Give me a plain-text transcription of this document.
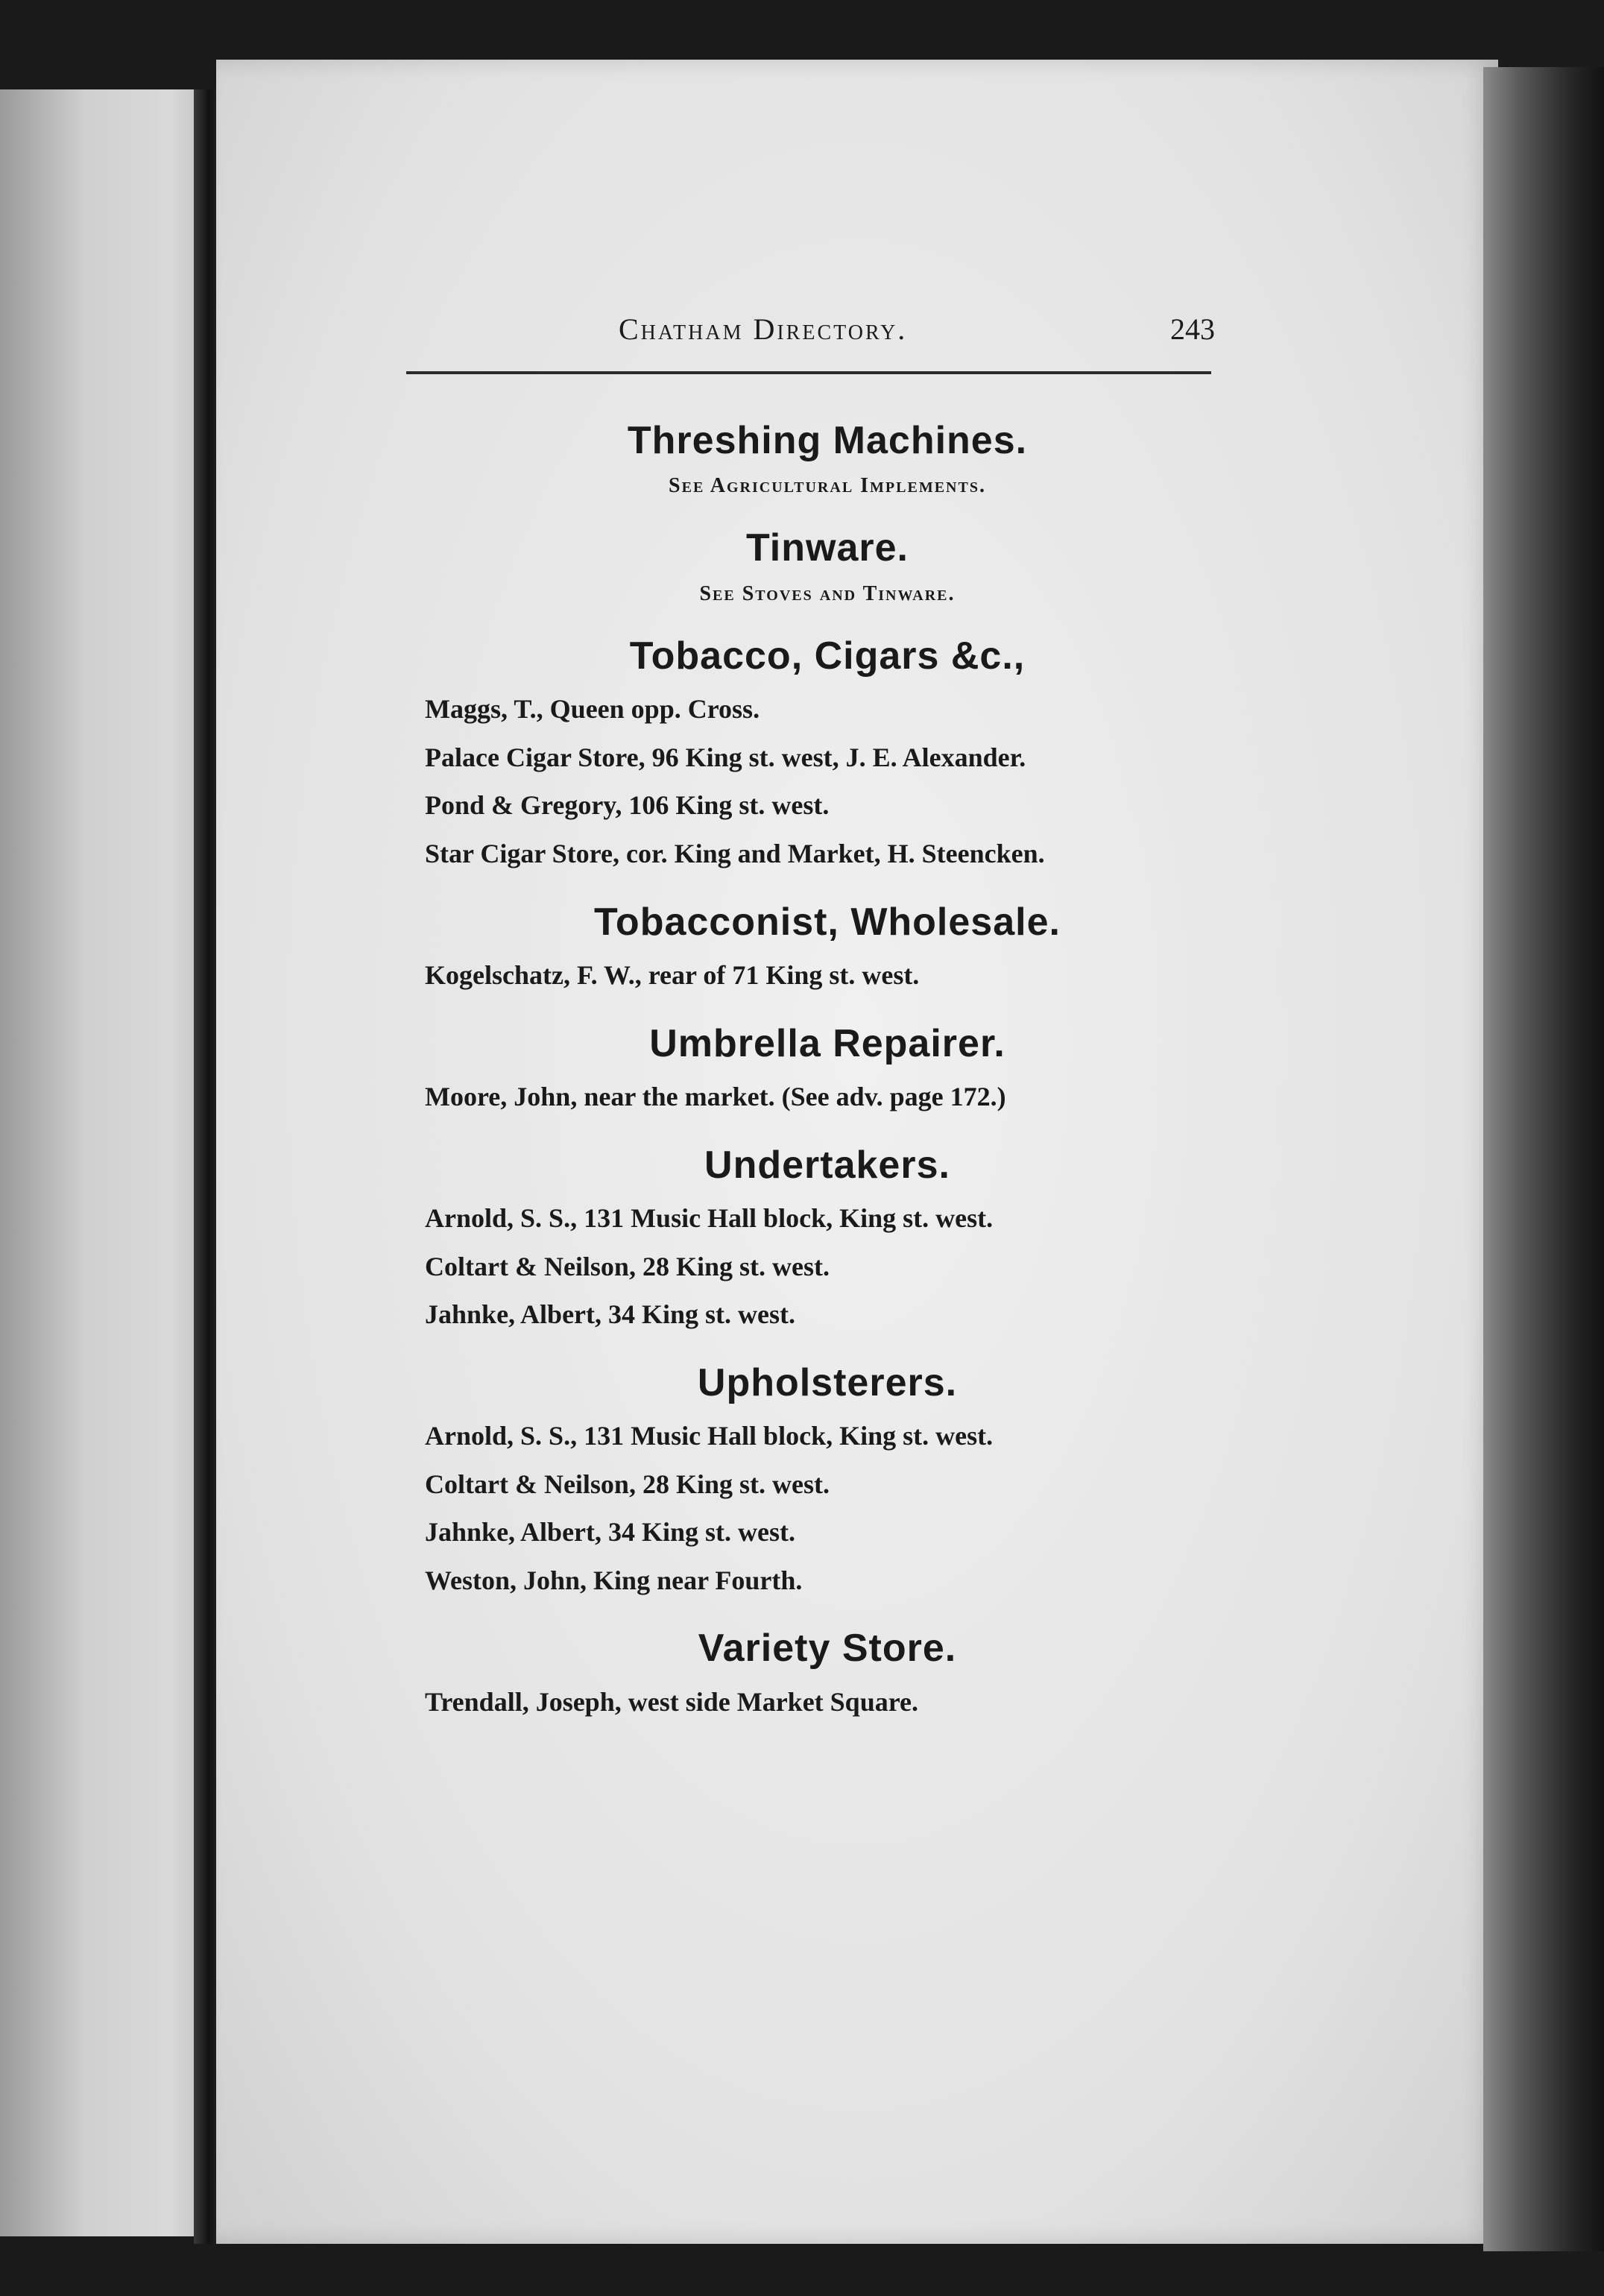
Chatham Directory.	243
Threshing Machines.

See Agricultural Implements.

Tinware.

See Stoves and Tinware.

Tobacco, Cigars &c.,

Maggs, T., Queen opp. Cross.

Palace Cigar Store, 96 King st. west, J. E. Alexander.

Pond & Gregory, 106 King st. west.

Star Cigar Store, cor. King and Market, H. Steencken.

Tobacconist, Wholesale.

Kogelschatz, F. W., rear of 71 King st. west.

Umbrella Repairer.

Moore, John, near the market. (See adv. page 172.)

Undertakers.

Arnold, S. S., 131 Music Hall block, King st. west.

Coltart & Neilson, 28 King st. west.

Jahnke, Albert, 34 King st. west.

Upholsterers.

Arnold, S. S., 131 Music Hall block, King st. west.

Coltart & Neilson, 28 King st. west.

Jahnke, Albert, 34 King st. west.

Weston, John, King near Fourth.

Variety Store.

Trendall, Joseph, west side Market Square.
